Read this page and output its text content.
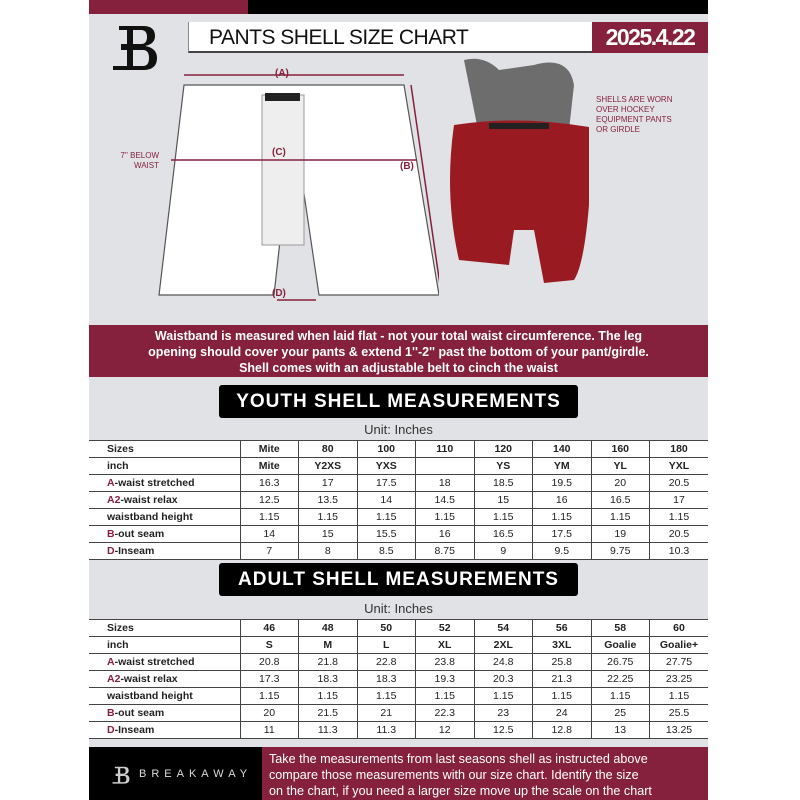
PANTS SHELL SIZE CHART	2025.4.22
(A)
(C)
(B)
(D)
7'' BELOW WAIST
SHELLS ARE WORN OVER HOCKEY EQUIPMENT PANTS OR GIRDLE
Waistband is measured when laid flat - not your total waist circumference. The leg
opening should cover your pants & extend 1''-2'' past the bottom of your pant/girdle.
Shell comes with an adjustable belt to cinch the waist
YOUTH SHELL MEASUREMENTS
Unit: Inches
Sizes	Mite	80	100	110	120	140	160	180
inch	Mite	Y2XS	YXS		YS	YM	YL	YXL
A-waist stretched	16.3	17	17.5	18	18.5	19.5	20	20.5
A2-waist relax	12.5	13.5	14	14.5	15	16	16.5	17
waistband height	1.15	1.15	1.15	1.15	1.15	1.15	1.15	1.15
B-out seam	14	15	15.5	16	16.5	17.5	19	20.5
D-Inseam	7	8	8.5	8.75	9	9.5	9.75	10.3
ADULT SHELL MEASUREMENTS
Unit: Inches
Sizes	46	48	50	52	54	56	58	60
inch	S	M	L	XL	2XL	3XL	Goalie	Goalie+
A-waist stretched	20.8	21.8	22.8	23.8	24.8	25.8	26.75	27.75
A2-waist relax	17.3	18.3	18.3	19.3	20.3	21.3	22.25	23.25
waistband height	1.15	1.15	1.15	1.15	1.15	1.15	1.15	1.15
B-out seam	20	21.5	21	22.3	23	24	25	25.5
D-Inseam	11	11.3	11.3	12	12.5	12.8	13	13.25
BREAKAWAY
Take the measurements from last seasons shell as instructed above
compare those measurements with our size chart. Identify the size
on the chart, if you need a larger size move up the scale on the chart
